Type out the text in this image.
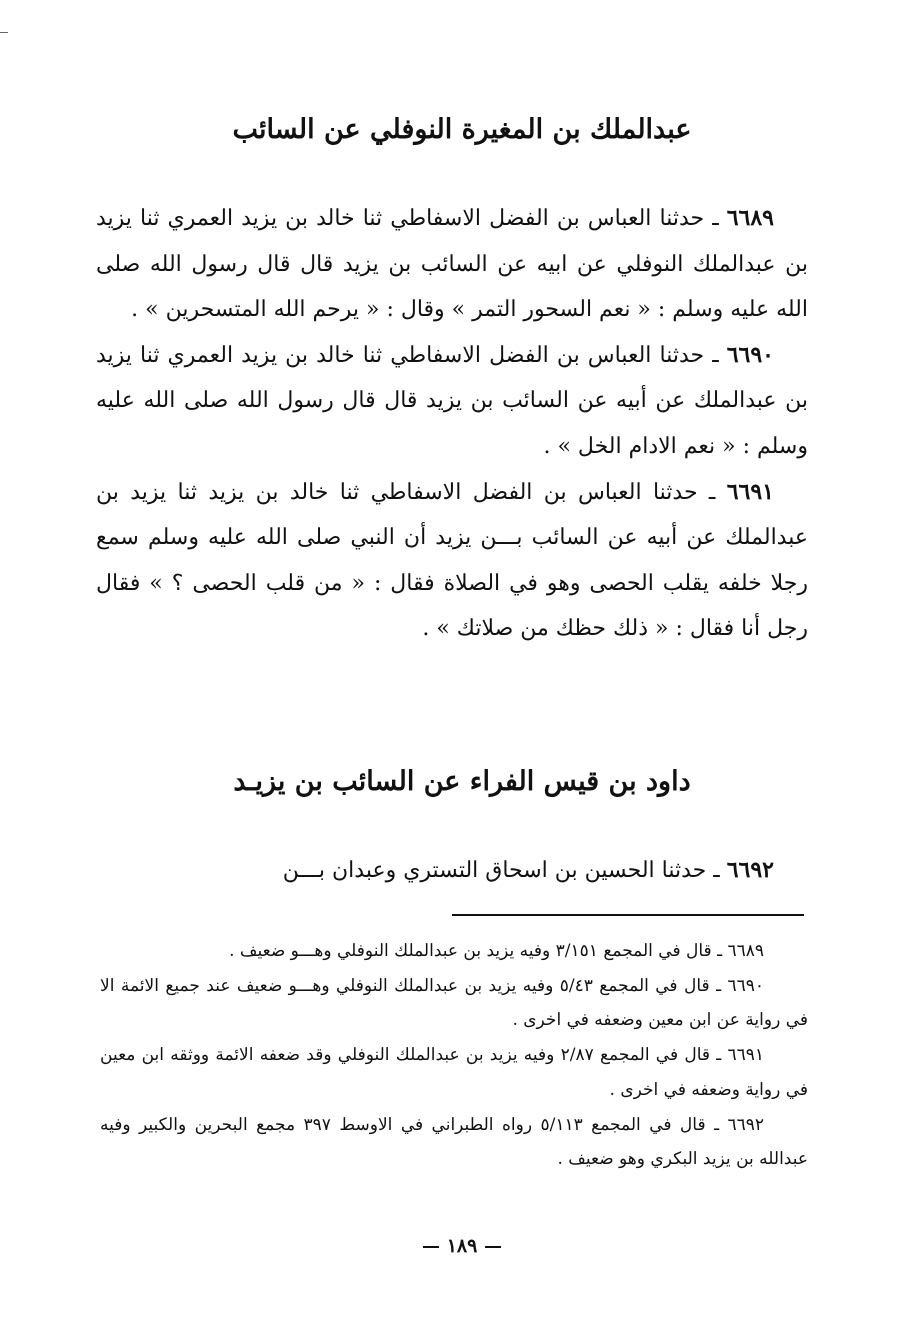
عبدالملك بن المغيرة النوفلي عن السائب

٦٦٨٩ ـ حدثنا العباس بن الفضل الاسفاطي ثنا خالد بن يزيد العمري ثنا يزيد بن عبدالملك النوفلي عن ابيه عن السائب بن يزيد قال قال رسول الله صلى الله عليه وسلم : « نعم السحور التمر » وقال : « يرحم الله المتسحرين » .

٦٦٩٠ ـ حدثنا العباس بن الفضل الاسفاطي ثنا خالد بن يزيد العمري ثنا يزيد بن عبدالملك عن أبيه عن السائب بن يزيد قال قال رسول الله صلى الله عليه وسلم : « نعم الادام الخل » .

٦٦٩١ ـ حدثنا العباس بن الفضل الاسفاطي ثنا خالد بن يزيد ثنا يزيد بن عبدالملك عن أبيه عن السائب بـــن يزيد أن النبي صلى الله عليه وسلم سمع رجلا خلفه يقلب الحصى وهو في الصلاة فقال : « من قلب الحصى ؟ » فقال رجل أنا فقال : « ذلك حظك من صلاتك » .

داود بن قيس الفراء عن السائب بن يزيـد

٦٦٩٢ ـ حدثنا الحسين بن اسحاق التستري وعبدان بـــن

٦٦٨٩ ـ قال في المجمع ٣/١٥١ وفيه يزيد بن عبدالملك النوفلي وهـــو ضعيف .

٦٦٩٠ ـ قال في المجمع ٥/٤٣ وفيه يزيد بن عبدالملك النوفلي وهـــو ضعيف عند جميع الائمة الا في رواية عن ابن معين وضعفه في اخرى .

٦٦٩١ ـ قال في المجمع ٢/٨٧ وفيه يزيد بن عبدالملك النوفلي وقد ضعفه الائمة ووثقه ابن معين في رواية وضعفه في اخرى .

٦٦٩٢ ـ قال في المجمع ٥/١١٣ رواه الطبراني في الاوسط ٣٩٧ مجمع البحرين والكبير وفيه عبدالله بن يزيد البكري وهو ضعيف .

١٨٩
